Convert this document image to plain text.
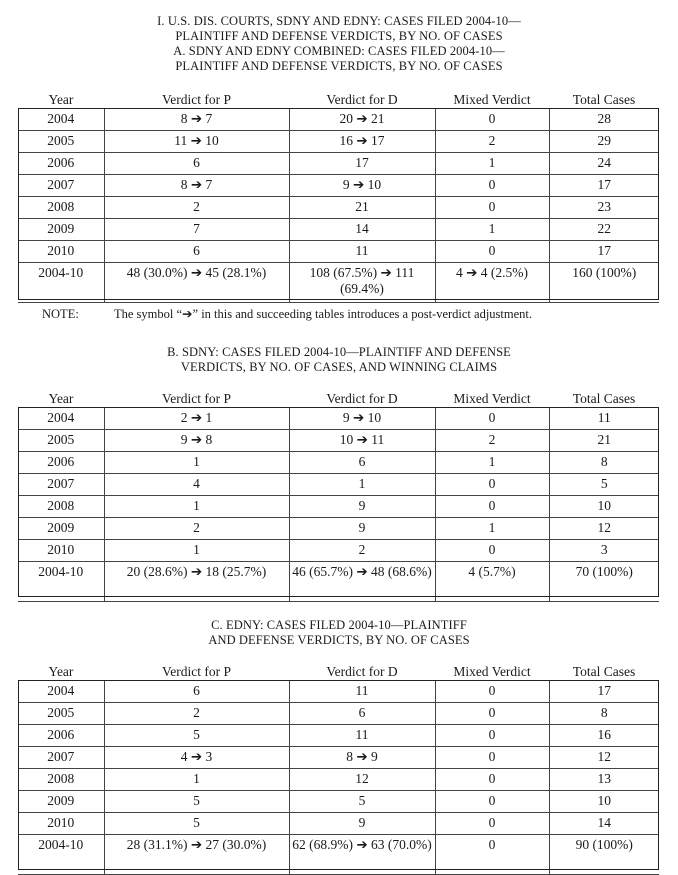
I. U.S. DIS. COURTS, SDNY AND EDNY: CASES FILED 2004-10—

PLAINTIFF AND DEFENSE VERDICTS, BY NO. OF CASES

A. SDNY AND EDNY COMBINED: CASES FILED 2004-10—

PLAINTIFF AND DEFENSE VERDICTS, BY NO. OF CASES

Year	Verdict for P	Verdict for D	Mixed Verdict	Total Cases
2004	8 ➔ 7	20 ➔ 21	0	28
2005	11 ➔ 10	16 ➔ 17	2	29
2006	6	17	1	24
2007	8 ➔ 7	9 ➔ 10	0	17
2008	2	21	0	23
2009	7	14	1	22
2010	6	11	0	17
2004-10	48 (30.0%) ➔ 45 (28.1%)	108 (67.5%) ➔ 111 (69.4%)	4 ➔ 4 (2.5%)	160 (100%)
NOTE:	The symbol “➔” in this and succeeding tables introduces a post-verdict adjustment.

B. SDNY: CASES FILED 2004-10—PLAINTIFF AND DEFENSE

VERDICTS, BY NO. OF CASES, AND WINNING CLAIMS

Year	Verdict for P	Verdict for D	Mixed Verdict	Total Cases
2004	2 ➔ 1	9 ➔ 10	0	11
2005	9 ➔ 8	10 ➔ 11	2	21
2006	1	6	1	8
2007	4	1	0	5
2008	1	9	0	10
2009	2	9	1	12
2010	1	2	0	3
2004-10	20 (28.6%) ➔ 18 (25.7%)	46 (65.7%) ➔ 48 (68.6%)	4 (5.7%)	70 (100%)

C. EDNY: CASES FILED 2004-10—PLAINTIFF

AND DEFENSE VERDICTS, BY NO. OF CASES

Year	Verdict for P	Verdict for D	Mixed Verdict	Total Cases
2004	6	11	0	17
2005	2	6	0	8
2006	5	11	0	16
2007	4 ➔ 3	8 ➔ 9	0	12
2008	1	12	0	13
2009	5	5	0	10
2010	5	9	0	14
2004-10	28 (31.1%) ➔ 27 (30.0%)	62 (68.9%) ➔ 63 (70.0%)	0	90 (100%)
